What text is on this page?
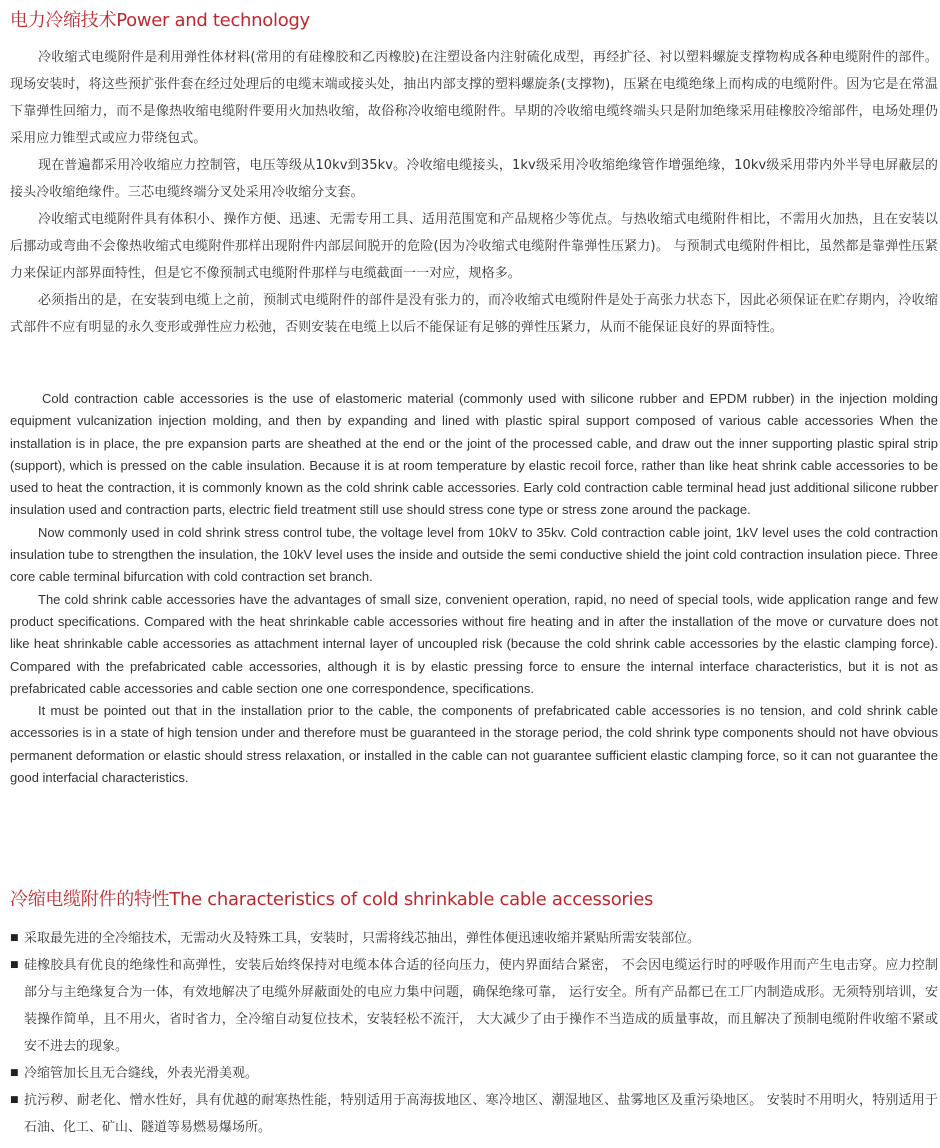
电力冷缩技术Power and technology

冷收缩式电缆附件是利用弹性体材料(常用的有硅橡胶和乙丙橡胶)在注塑设备内注射硫化成型，再经扩径、衬以塑料螺旋支撑物构成各种电缆附件的部件。现场安装时，将这些预扩张件套在经过处理后的电缆末端或接头处，抽出内部支撑的塑料螺旋条(支撑物)，压紧在电缆绝缘上而构成的电缆附件。因为它是在常温下靠弹性回缩力，而不是像热收缩电缆附件要用火加热收缩，故俗称冷收缩电缆附件。早期的冷收缩电缆终端头只是附加绝缘采用硅橡胶冷缩部件，电场处理仍采用应力锥型式或应力带绕包式。

现在普遍都采用冷收缩应力控制管，电压等级从10kv到35kv。冷收缩电缆接头，1kv级采用冷收缩绝缘管作增强绝缘，10kv级采用带内外半导电屏蔽层的接头冷收缩绝缘件。三芯电缆终端分叉处采用冷收缩分支套。

冷收缩式电缆附件具有体积小、操作方便、迅速、无需专用工具、适用范围宽和产品规格少等优点。与热收缩式电缆附件相比，不需用火加热，且在安装以后挪动或弯曲不会像热收缩式电缆附件那样出现附件内部层间脱开的危险(因为冷收缩式电缆附件靠弹性压紧力)。 与预制式电缆附件相比，虽然都是靠弹性压紧力来保证内部界面特性，但是它不像预制式电缆附件那样与电缆截面一一对应，规格多。

必须指出的是，在安装到电缆上之前，预制式电缆附件的部件是没有张力的，而冷收缩式电缆附件是处于高张力状态下，因此必须保证在贮存期内，冷收缩式部件不应有明显的永久变形或弹性应力松弛，否则安装在电缆上以后不能保证有足够的弹性压紧力，从而不能保证良好的界面特性。

Cold contraction cable accessories is the use of elastomeric material (commonly used with silicone rubber and EPDM rubber) in the injection molding equipment vulcanization injection molding, and then by expanding and lined with plastic spiral support composed of various cable accessories When the installation is in place, the pre expansion parts are sheathed at the end or the joint of the processed cable, and draw out the inner supporting plastic spiral strip (support), which is pressed on the cable insulation. Because it is at room temperature by elastic recoil force, rather than like heat shrink cable accessories to be used to heat the contraction, it is commonly known as the cold shrink cable accessories. Early cold contraction cable terminal head just additional silicone rubber insulation used and contraction parts, electric field treatment still use should stress cone type or stress zone around the package.

Now commonly used in cold shrink stress control tube, the voltage level from 10kV to 35kv. Cold contraction cable joint, 1kV level uses the cold contraction insulation tube to strengthen the insulation, the 10kV level uses the inside and outside the semi conductive shield the joint cold contraction insulation piece. Three core cable terminal bifurcation with cold contraction set branch.

The cold shrink cable accessories have the advantages of small size, convenient operation, rapid, no need of special tools, wide application range and few product specifications. Compared with the heat shrinkable cable accessories without fire heating and in after the installation of the move or curvature does not like heat shrinkable cable accessories as attachment internal layer of uncoupled risk (because the cold shrink cable accessories by the elastic clamping force). Compared with the prefabricated cable accessories, although it is by elastic pressing force to ensure the internal interface characteristics, but it is not as prefabricated cable accessories and cable section one one correspondence, specifications.

It must be pointed out that in the installation prior to the cable, the components of prefabricated cable accessories is no tension, and cold shrink cable accessories is in a state of high tension under and therefore must be guaranteed in the storage period, the cold shrink type components should not have obvious permanent deformation or elastic should stress relaxation, or installed in the cable can not guarantee sufficient elastic clamping force, so it can not guarantee the good interfacial characteristics.

冷缩电缆附件的特性The characteristics of cold shrinkable cable accessories
■ 采取最先进的全冷缩技术，无需动火及特殊工具，安装时，只需将线芯抽出，弹性体便迅速收缩并紧贴所需安装部位。
■ 硅橡胶具有优良的绝缘性和高弹性，安装后始终保持对电缆本体合适的径向压力，使内界面结合紧密， 不会因电缆运行时的呼吸作用而产生电击穿。应力控制部分与主绝缘复合为一体，有效地解决了电缆外屏蔽面处的电应力集中问题，确保绝缘可靠， 运行安全。所有产品都已在工厂内制造成形。无须特别培训，安装操作简单，且不用火，省时省力，全冷缩自动复位技术，安装轻松不流汗， 大大减少了由于操作不当造成的质量事故，而且解决了预制电缆附件收缩不紧或安不进去的现象。
■ 冷缩管加长且无合缝线，外表光滑美观。
■ 抗污秽、耐老化、憎水性好，具有优越的耐寒热性能，特别适用于高海拔地区、寒冷地区、潮湿地区、盐雾地区及重污染地区。 安装时不用明火，特别适用于石油、化工、矿山、隧道等易燃易爆场所。
